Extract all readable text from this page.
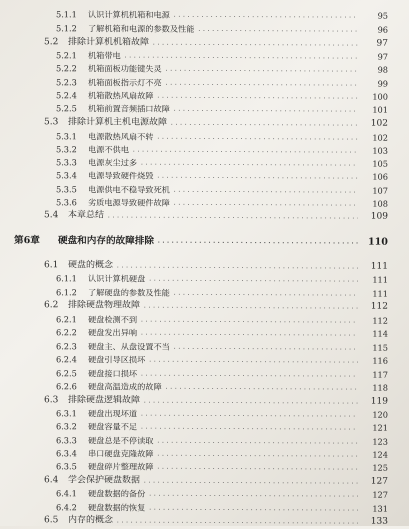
5.1.1 认识计算机机箱和电源 .....	95
5.1.2 了解机箱和电源的参数及性能 .....	96
5.2 排除计算机机箱故障 .....	97
5.2.1 机箱带电 .....	97
5.2.2 机箱面板功能键失灵 .....	98
5.2.3 机箱面板指示灯不亮 .....	99
5.2.4 机箱散热风扇故障 .....	100
5.2.5 机箱前置音频插口故障 .....	101
5.3 排除计算机主机电源故障 .....	102
5.3.1 电源散热风扇不转 .....	102
5.3.2 电源不供电 .....	103
5.3.3 电源灰尘过多 .....	105
5.3.4 电源导致硬件烧毁 .....	106
5.3.5 电源供电不稳导致死机 .....	107
5.3.6 劣质电源导致硬件故障 .....	108
5.4 本章总结 .....	109
第6章 硬盘和内存的故障排除 .....	110
6.1 硬盘的概念 .....	111
6.1.1 认识计算机硬盘 .....	111
6.1.2 了解硬盘的参数及性能 .....	111
6.2 排除硬盘物理故障 .....	112
6.2.1 硬盘检测不到 .....	112
6.2.2 硬盘发出异响 .....	114
6.2.3 硬盘主、从盘设置不当 .....	115
6.2.4 硬盘引导区损坏 .....	116
6.2.5 硬盘接口损坏 .....	117
6.2.6 硬盘高温造成的故障 .....	118
6.3 排除硬盘逻辑故障 .....	119
6.3.1 硬盘出现坏道 .....	120
6.3.2 硬盘容量不足 .....	121
6.3.3 硬盘总是不停读取 .....	123
6.3.4 串口硬盘克隆故障 .....	124
6.3.5 硬盘碎片整理故障 .....	125
6.4 学会保护硬盘数据 .....	127
6.4.1 硬盘数据的备份 .....	127
6.4.2 硬盘数据的恢复 .....	131
6.5 内存的概念 .....	133
